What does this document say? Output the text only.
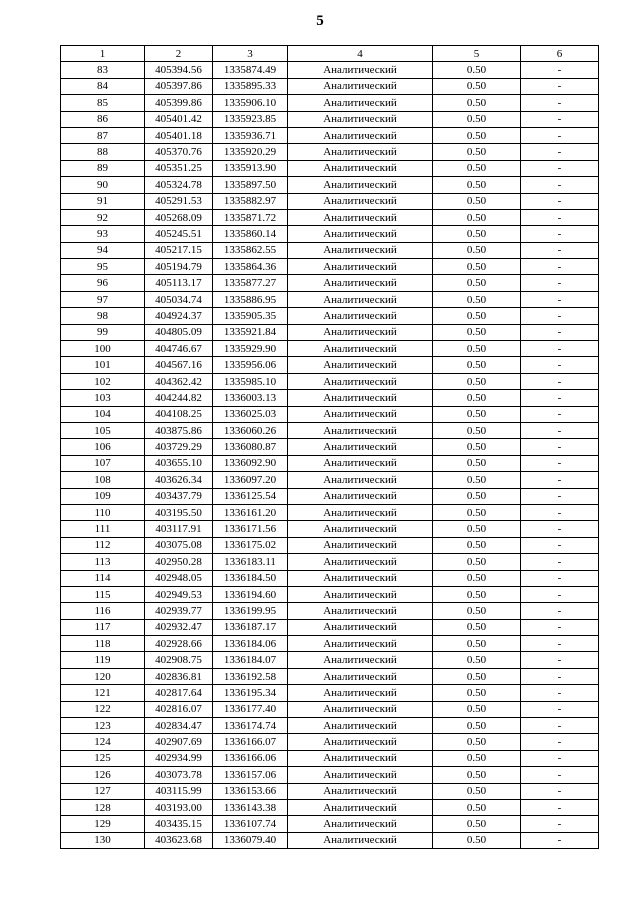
5
1	2	3	4	5	6
83	405394.56	1335874.49	Аналитический	0.50	-
84	405397.86	1335895.33	Аналитический	0.50	-
85	405399.86	1335906.10	Аналитический	0.50	-
86	405401.42	1335923.85	Аналитический	0.50	-
87	405401.18	1335936.71	Аналитический	0.50	-
88	405370.76	1335920.29	Аналитический	0.50	-
89	405351.25	1335913.90	Аналитический	0.50	-
90	405324.78	1335897.50	Аналитический	0.50	-
91	405291.53	1335882.97	Аналитический	0.50	-
92	405268.09	1335871.72	Аналитический	0.50	-
93	405245.51	1335860.14	Аналитический	0.50	-
94	405217.15	1335862.55	Аналитический	0.50	-
95	405194.79	1335864.36	Аналитический	0.50	-
96	405113.17	1335877.27	Аналитический	0.50	-
97	405034.74	1335886.95	Аналитический	0.50	-
98	404924.37	1335905.35	Аналитический	0.50	-
99	404805.09	1335921.84	Аналитический	0.50	-
100	404746.67	1335929.90	Аналитический	0.50	-
101	404567.16	1335956.06	Аналитический	0.50	-
102	404362.42	1335985.10	Аналитический	0.50	-
103	404244.82	1336003.13	Аналитический	0.50	-
104	404108.25	1336025.03	Аналитический	0.50	-
105	403875.86	1336060.26	Аналитический	0.50	-
106	403729.29	1336080.87	Аналитический	0.50	-
107	403655.10	1336092.90	Аналитический	0.50	-
108	403626.34	1336097.20	Аналитический	0.50	-
109	403437.79	1336125.54	Аналитический	0.50	-
110	403195.50	1336161.20	Аналитический	0.50	-
111	403117.91	1336171.56	Аналитический	0.50	-
112	403075.08	1336175.02	Аналитический	0.50	-
113	402950.28	1336183.11	Аналитический	0.50	-
114	402948.05	1336184.50	Аналитический	0.50	-
115	402949.53	1336194.60	Аналитический	0.50	-
116	402939.77	1336199.95	Аналитический	0.50	-
117	402932.47	1336187.17	Аналитический	0.50	-
118	402928.66	1336184.06	Аналитический	0.50	-
119	402908.75	1336184.07	Аналитический	0.50	-
120	402836.81	1336192.58	Аналитический	0.50	-
121	402817.64	1336195.34	Аналитический	0.50	-
122	402816.07	1336177.40	Аналитический	0.50	-
123	402834.47	1336174.74	Аналитический	0.50	-
124	402907.69	1336166.07	Аналитический	0.50	-
125	402934.99	1336166.06	Аналитический	0.50	-
126	403073.78	1336157.06	Аналитический	0.50	-
127	403115.99	1336153.66	Аналитический	0.50	-
128	403193.00	1336143.38	Аналитический	0.50	-
129	403435.15	1336107.74	Аналитический	0.50	-
130	403623.68	1336079.40	Аналитический	0.50	-
